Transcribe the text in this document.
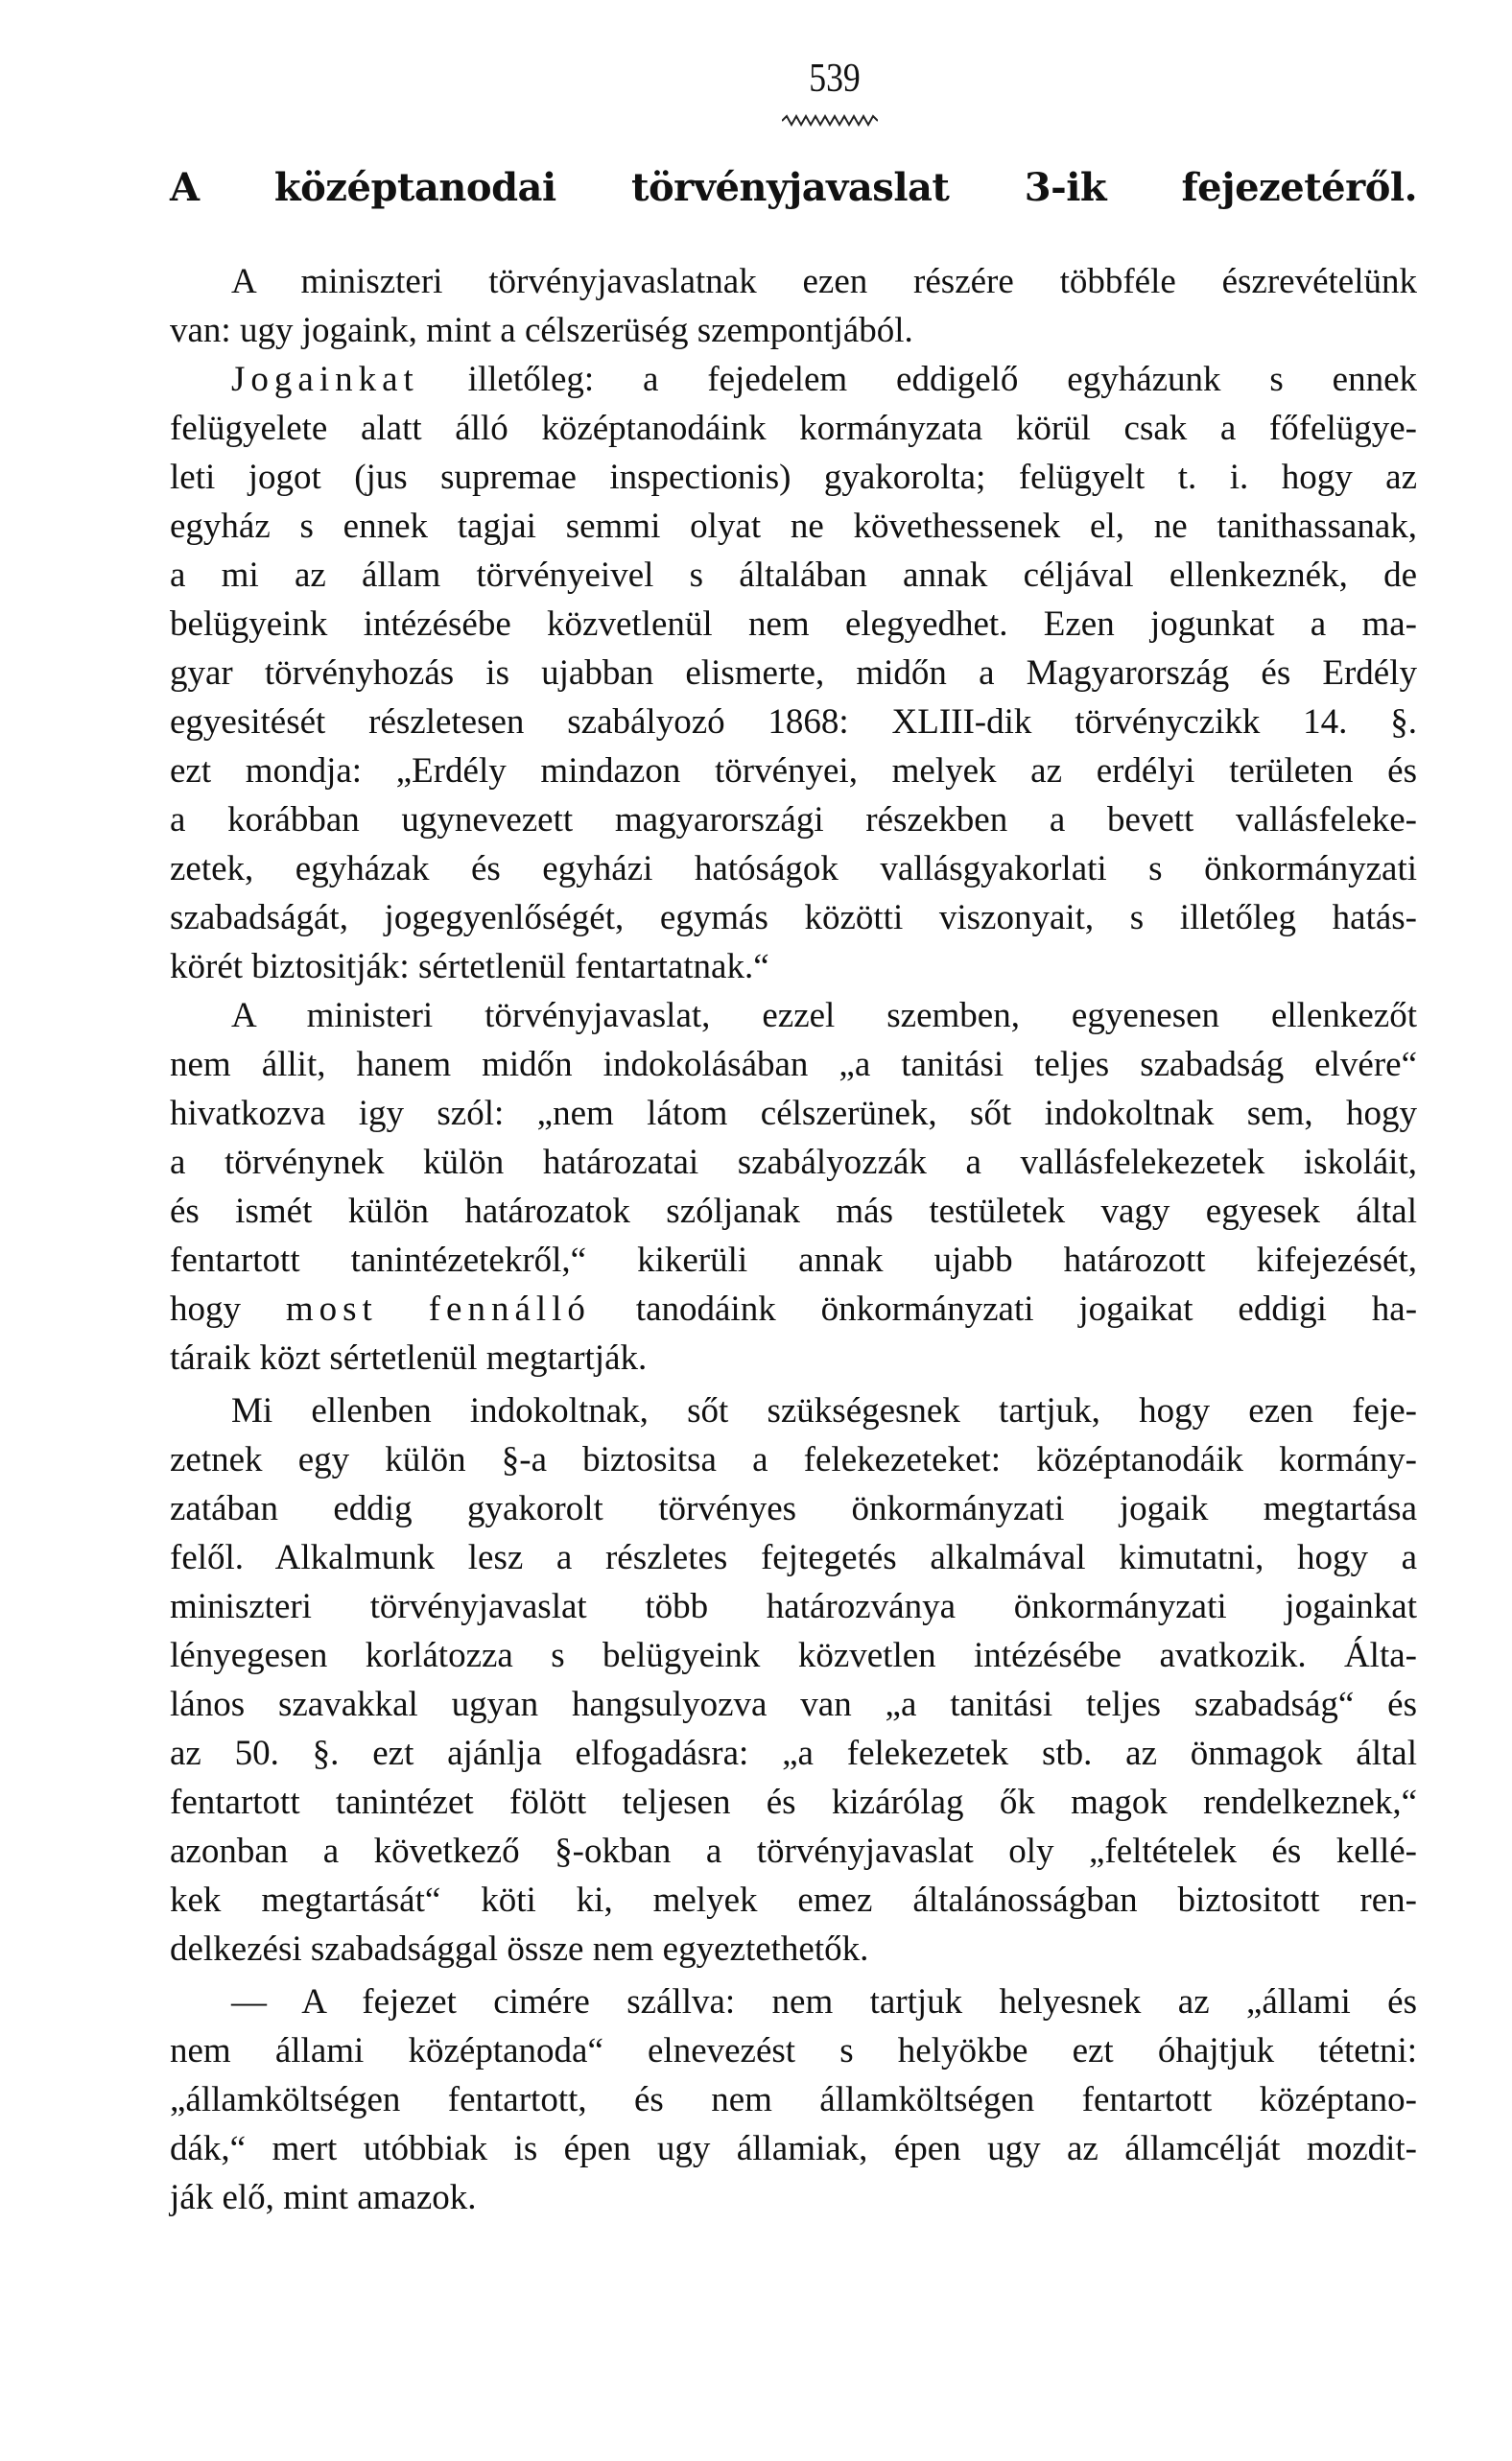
539
A középtanodai törvényjavaslat 3-ik fejezetéről.
A miniszteri törvényjavaslatnak ezen részére többféle észrevételünk
van: ugy jogaink, mint a célszerüség szempontjából.
Jogainkat illetőleg: a fejedelem eddigelő egyházunk s ennek
felügyelete alatt álló középtanodáink kormányzata körül csak a főfelügye-
leti jogot (jus supremae inspectionis) gyakorolta; felügyelt t. i. hogy az
egyház s ennek tagjai semmi olyat ne követhessenek el, ne tanithassanak,
a mi az állam törvényeivel s általában annak céljával ellenkeznék, de
belügyeink intézésébe közvetlenül nem elegyedhet. Ezen jogunkat a ma-
gyar törvényhozás is ujabban elismerte, midőn a Magyarország és Erdély
egyesitését részletesen szabályozó 1868: XLIII-dik törvényczikk 14. §.
ezt mondja: „Erdély mindazon törvényei, melyek az erdélyi területen és
a korábban ugynevezett magyarországi részekben a bevett vallásfeleke-
zetek, egyházak és egyházi hatóságok vallásgyakorlati s önkormányzati
szabadságát, jogegyenlőségét, egymás közötti viszonyait, s illetőleg hatás-
körét biztositják: sértetlenül fentartatnak.“
A ministeri törvényjavaslat, ezzel szemben, egyenesen ellenkezőt
nem állit, hanem midőn indokolásában „a tanitási teljes szabadság elvére“
hivatkozva igy szól: „nem látom célszerünek, sőt indokoltnak sem, hogy
a törvénynek külön határozatai szabályozzák a vallásfelekezetek iskoláit,
és ismét külön határozatok szóljanak más testületek vagy egyesek által
fentartott tanintézetekről,“ kikerüli annak ujabb határozott kifejezését,
hogy most fennálló tanodáink önkormányzati jogaikat eddigi ha-
táraik közt sértetlenül megtartják.
Mi ellenben indokoltnak, sőt szükségesnek tartjuk, hogy ezen feje-
zetnek egy külön §-a biztositsa a felekezeteket: középtanodáik kormány-
zatában eddig gyakorolt törvényes önkormányzati jogaik megtartása
felől. Alkalmunk lesz a részletes fejtegetés alkalmával kimutatni, hogy a
miniszteri törvényjavaslat több határozványa önkormányzati jogainkat
lényegesen korlátozza s belügyeink közvetlen intézésébe avatkozik. Álta-
lános szavakkal ugyan hangsulyozva van „a tanitási teljes szabadság“ és
az 50. §. ezt ajánlja elfogadásra: „a felekezetek stb. az önmagok által
fentartott tanintézet fölött teljesen és kizárólag ők magok rendelkeznek,“
azonban a következő §-okban a törvényjavaslat oly „feltételek és kellé-
kek megtartását“ köti ki, melyek emez általánosságban biztositott ren-
delkezési szabadsággal össze nem egyeztethetők.
— A fejezet cimére szállva: nem tartjuk helyesnek az „állami és
nem állami középtanoda“ elnevezést s helyökbe ezt óhajtjuk tétetni:
„államköltségen fentartott, és nem államköltségen fentartott középtano-
dák,“ mert utóbbiak is épen ugy államiak, épen ugy az államcélját mozdit-
ják elő, mint amazok.
